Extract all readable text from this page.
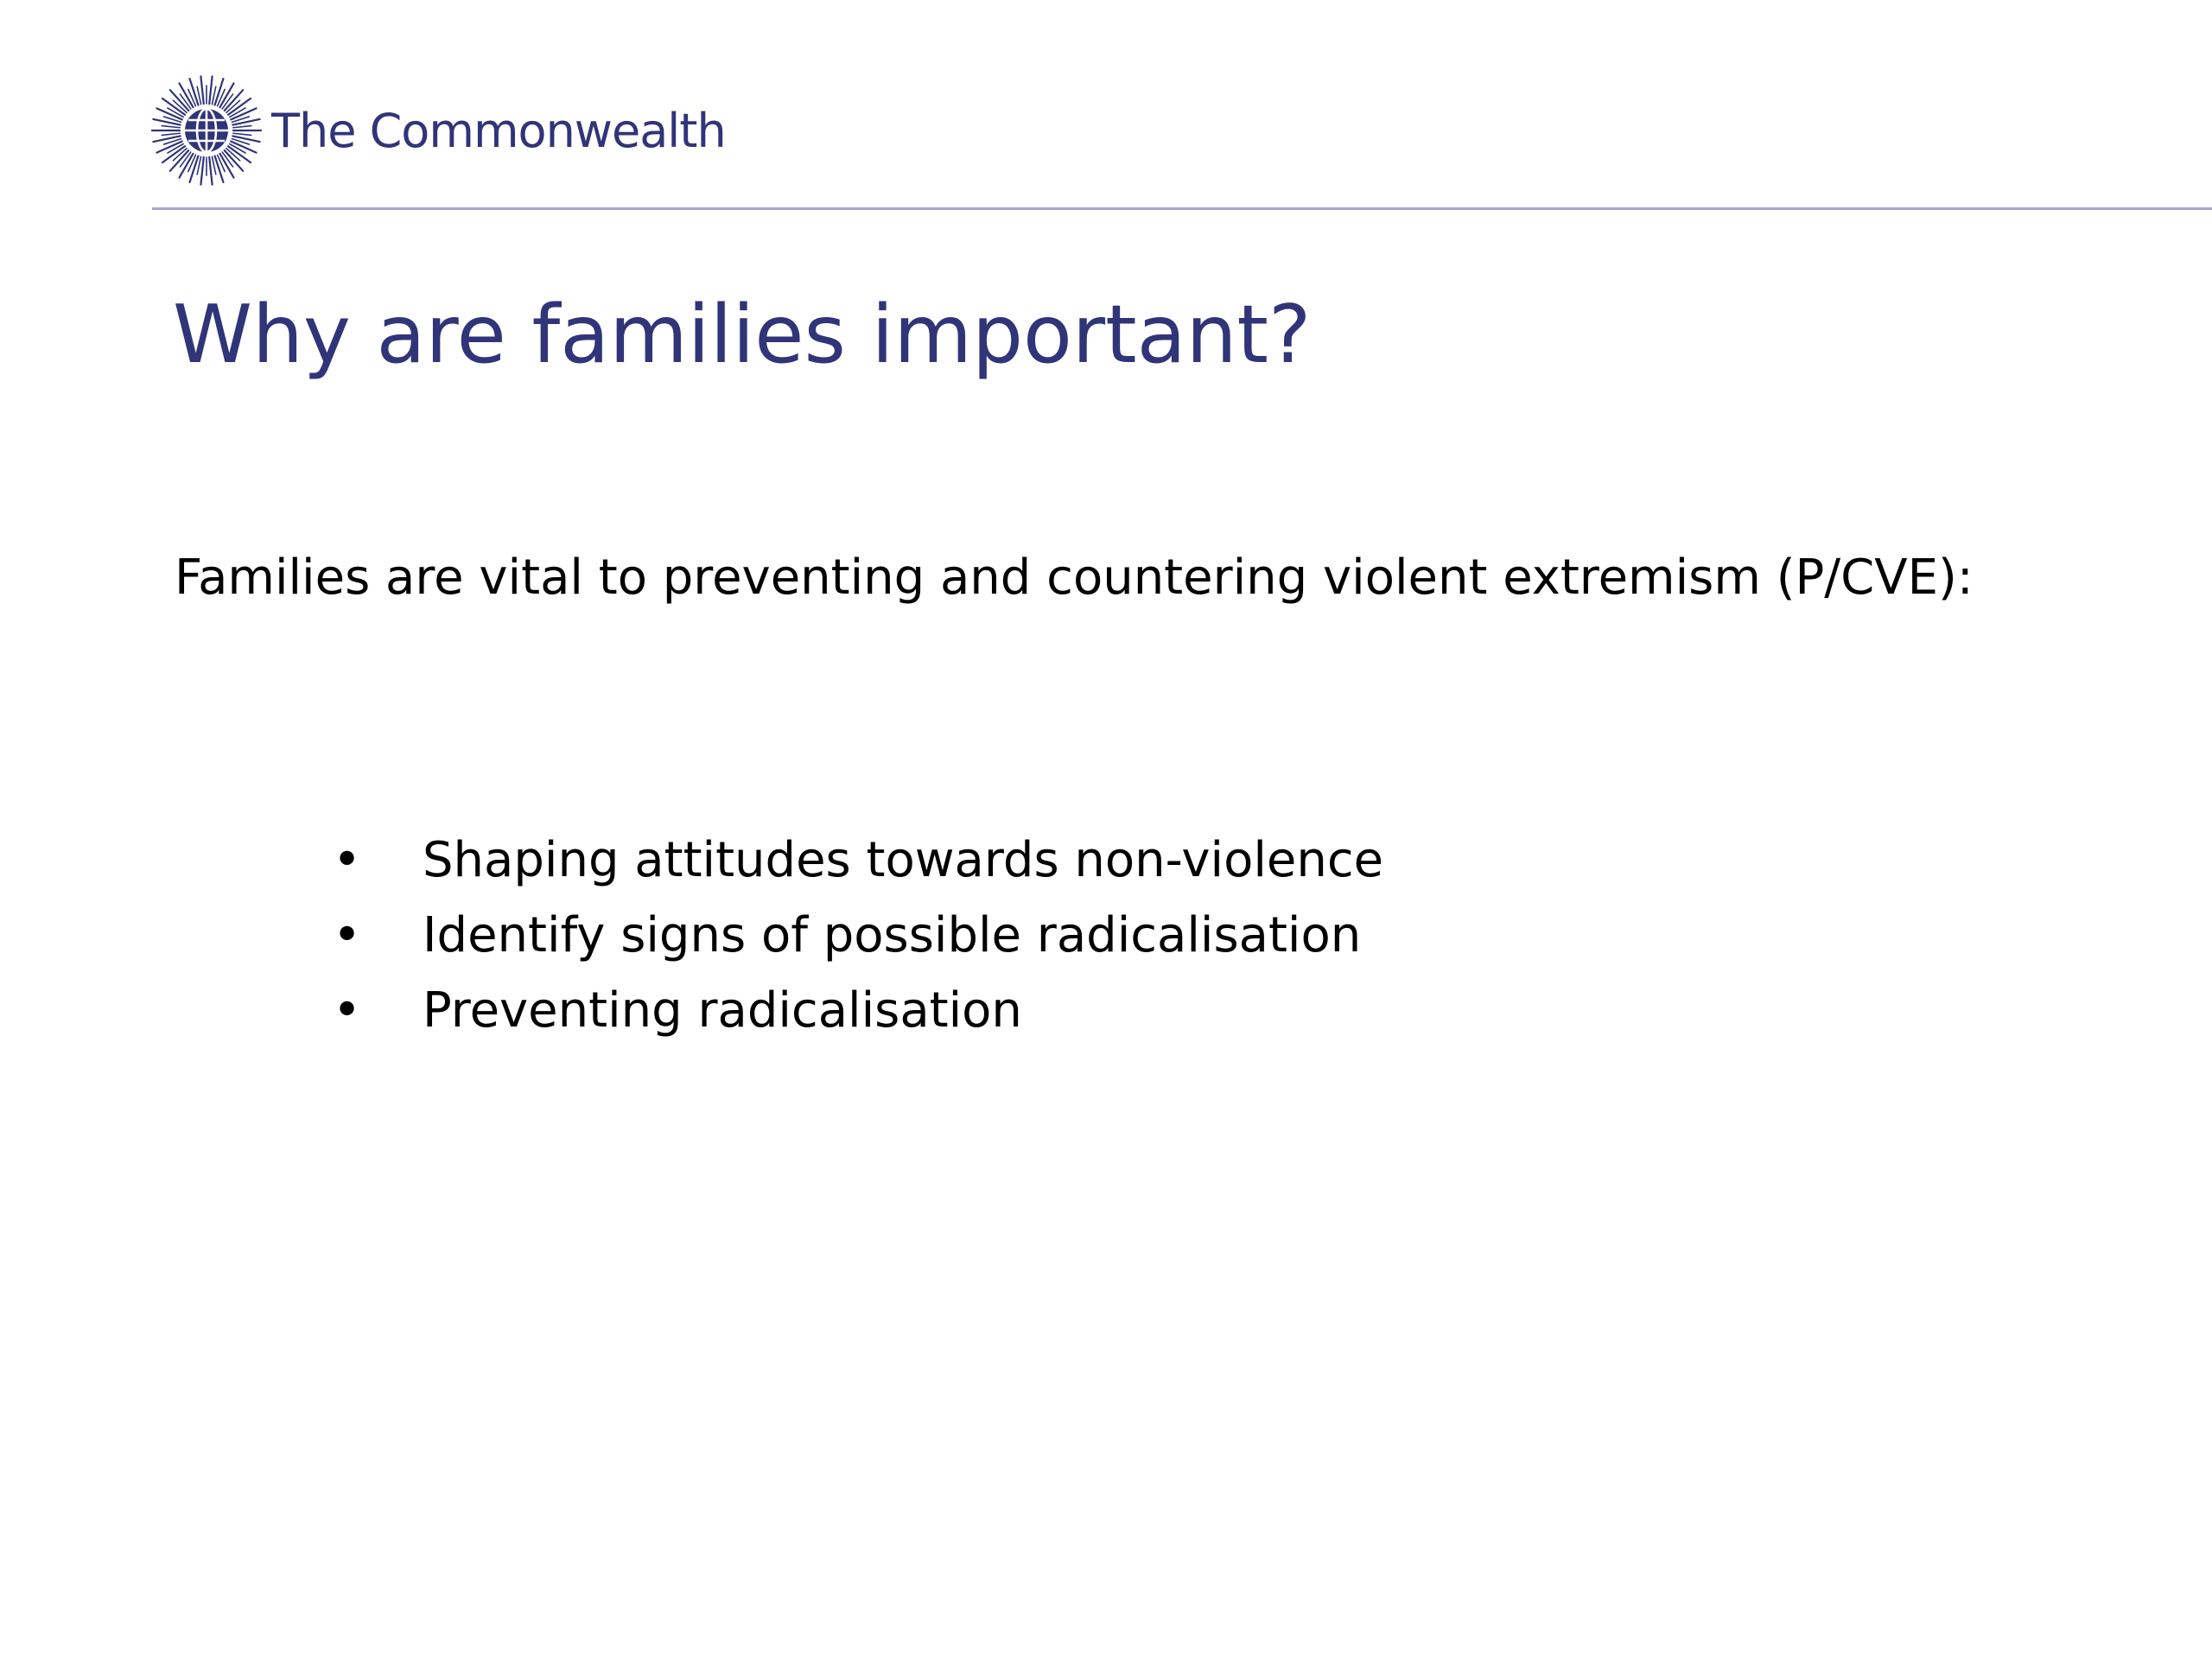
The Commonwealth
Why are families important?

Families are vital to preventing and countering violent extremism (P/CVE):

•	Shaping attitudes towards non-violence
•	Identify signs of possible radicalisation
•	Preventing radicalisation
